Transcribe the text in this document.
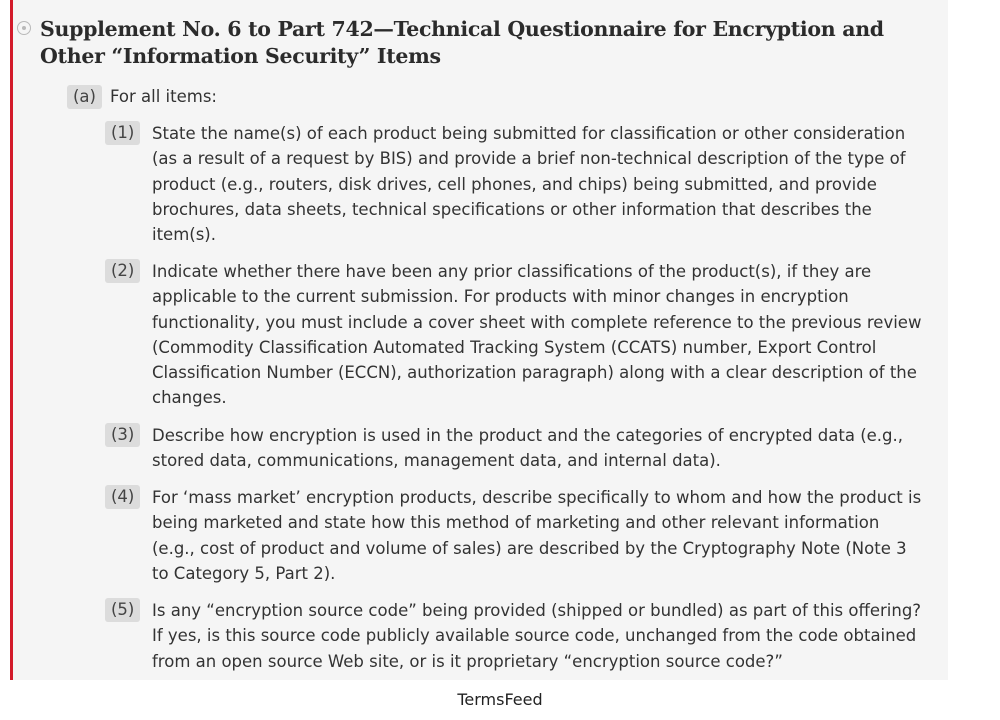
Supplement No. 6 to Part 742—Technical Questionnaire for Encryption and Other “Information Security” Items
(a) For all items:
(1)	State the name(s) of each product being submitted for classification or other consideration (as a result of a request by BIS) and provide a brief non-technical description of the type of product (e.g., routers, disk drives, cell phones, and chips) being submitted, and provide brochures, data sheets, technical specifications or other information that describes the item(s).
(2)	Indicate whether there have been any prior classifications of the product(s), if they are applicable to the current submission. For products with minor changes in encryption functionality, you must include a cover sheet with complete reference to the previous review (Commodity Classification Automated Tracking System (CCATS) number, Export Control Classification Number (ECCN), authorization paragraph) along with a clear description of the changes.
(3)	Describe how encryption is used in the product and the categories of encrypted data (e.g., stored data, communications, management data, and internal data).
(4)	For ‘mass market’ encryption products, describe specifically to whom and how the product is being marketed and state how this method of marketing and other relevant information (e.g., cost of product and volume of sales) are described by the Cryptography Note (Note 3 to Category 5, Part 2).
(5)	Is any “encryption source code” being provided (shipped or bundled) as part of this offering? If yes, is this source code publicly available source code, unchanged from the code obtained from an open source Web site, or is it proprietary “encryption source code?”
TermsFeed
